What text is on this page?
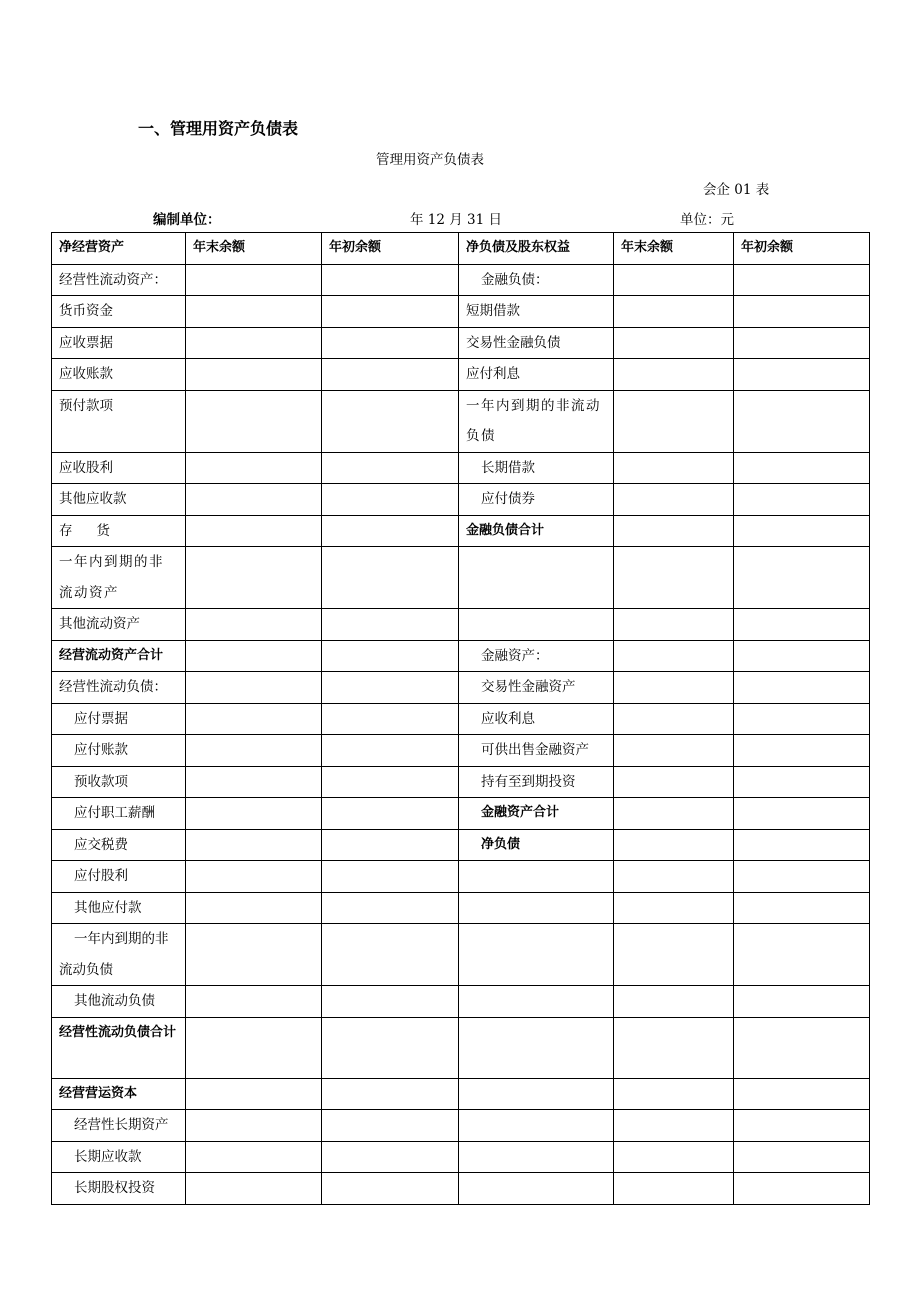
一、管理用资产负债表
管理用资产负债表
会企 01 表
编制单位：	年 12 月 31 日	单位：元
净经营资产	年末余额	年初余额	净负债及股东权益	年末余额	年初余额
经营性流动资产：			金融负债：		
货币资金			短期借款		
应收票据			交易性金融负债		
应收账款			应付利息		
预付款项			一年内到期的非流动负债		
应收股利			长期借款		
其他应收款			应付债券		
存货			金融负债合计		
一年内到期的非流动资产					
其他流动资产					
经营流动资产合计			金融资产：		
经营性流动负债：			交易性金融资产		
应付票据			应收利息		
应付账款			可供出售金融资产		
预收款项			持有至到期投资		
应付职工薪酬			金融资产合计		
应交税费			净负债		
应付股利					
其他应付款					
一年内到期的非流动负债					
其他流动负债					
经营性流动负债合计					
经营营运资本					
经营性长期资产					
长期应收款					
长期股权投资					
